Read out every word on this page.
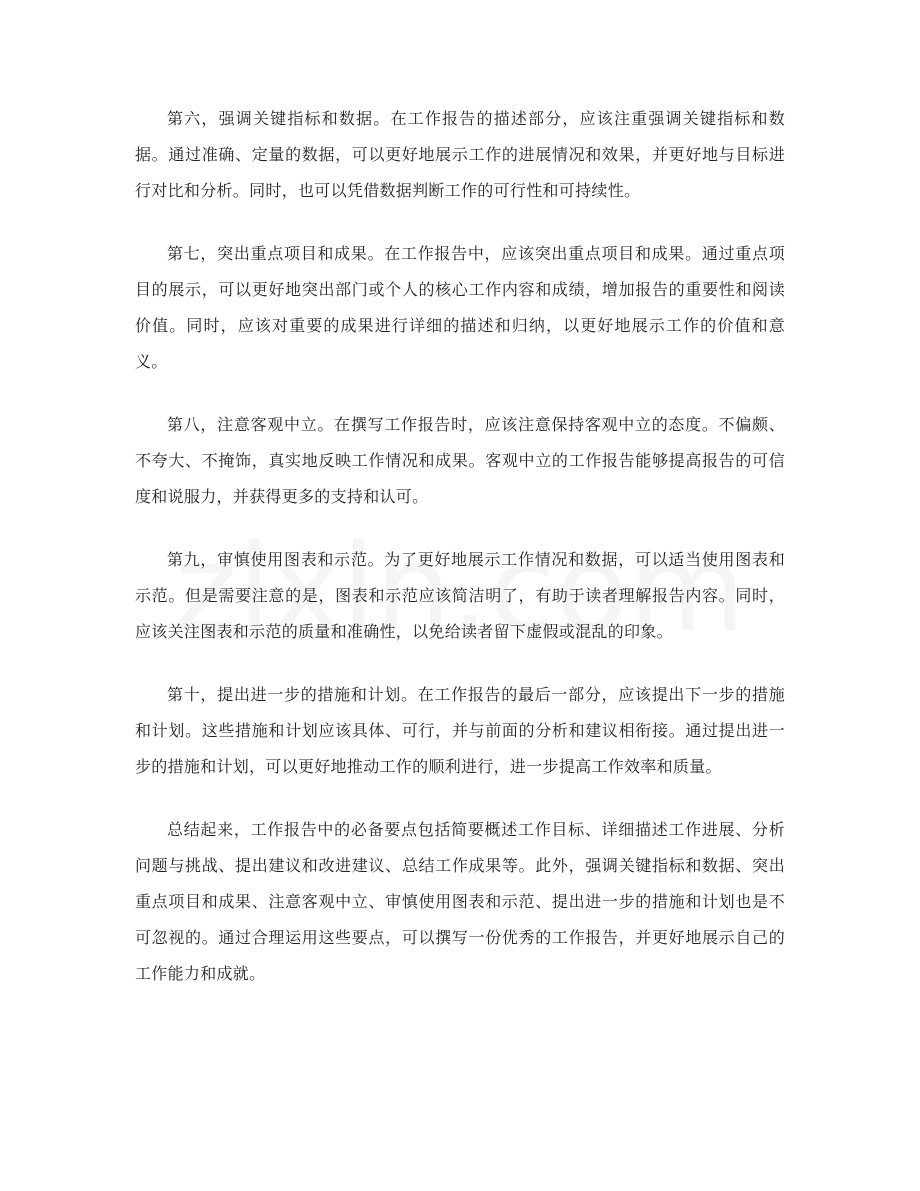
第六，强调关键指标和数据。在工作报告的描述部分，应该注重强调关键指标和数据。通过准确、定量的数据，可以更好地展示工作的进展情况和效果，并更好地与目标进行对比和分析。同时，也可以凭借数据判断工作的可行性和可持续性。

第七，突出重点项目和成果。在工作报告中，应该突出重点项目和成果。通过重点项目的展示，可以更好地突出部门或个人的核心工作内容和成绩，增加报告的重要性和阅读价值。同时，应该对重要的成果进行详细的描述和归纳，以更好地展示工作的价值和意义。

第八，注意客观中立。在撰写工作报告时，应该注意保持客观中立的态度。不偏颇、不夸大、不掩饰，真实地反映工作情况和成果。客观中立的工作报告能够提高报告的可信度和说服力，并获得更多的支持和认可。

第九，审慎使用图表和示范。为了更好地展示工作情况和数据，可以适当使用图表和示范。但是需要注意的是，图表和示范应该简洁明了，有助于读者理解报告内容。同时，应该关注图表和示范的质量和准确性，以免给读者留下虚假或混乱的印象。

第十，提出进一步的措施和计划。在工作报告的最后一部分，应该提出下一步的措施和计划。这些措施和计划应该具体、可行，并与前面的分析和建议相衔接。通过提出进一步的措施和计划，可以更好地推动工作的顺利进行，进一步提高工作效率和质量。

总结起来，工作报告中的必备要点包括简要概述工作目标、详细描述工作进展、分析问题与挑战、提出建议和改进建议、总结工作成果等。此外，强调关键指标和数据、突出重点项目和成果、注意客观中立、审慎使用图表和示范、提出进一步的措施和计划也是不可忽视的。通过合理运用这些要点，可以撰写一份优秀的工作报告，并更好地展示自己的工作能力和成就。
